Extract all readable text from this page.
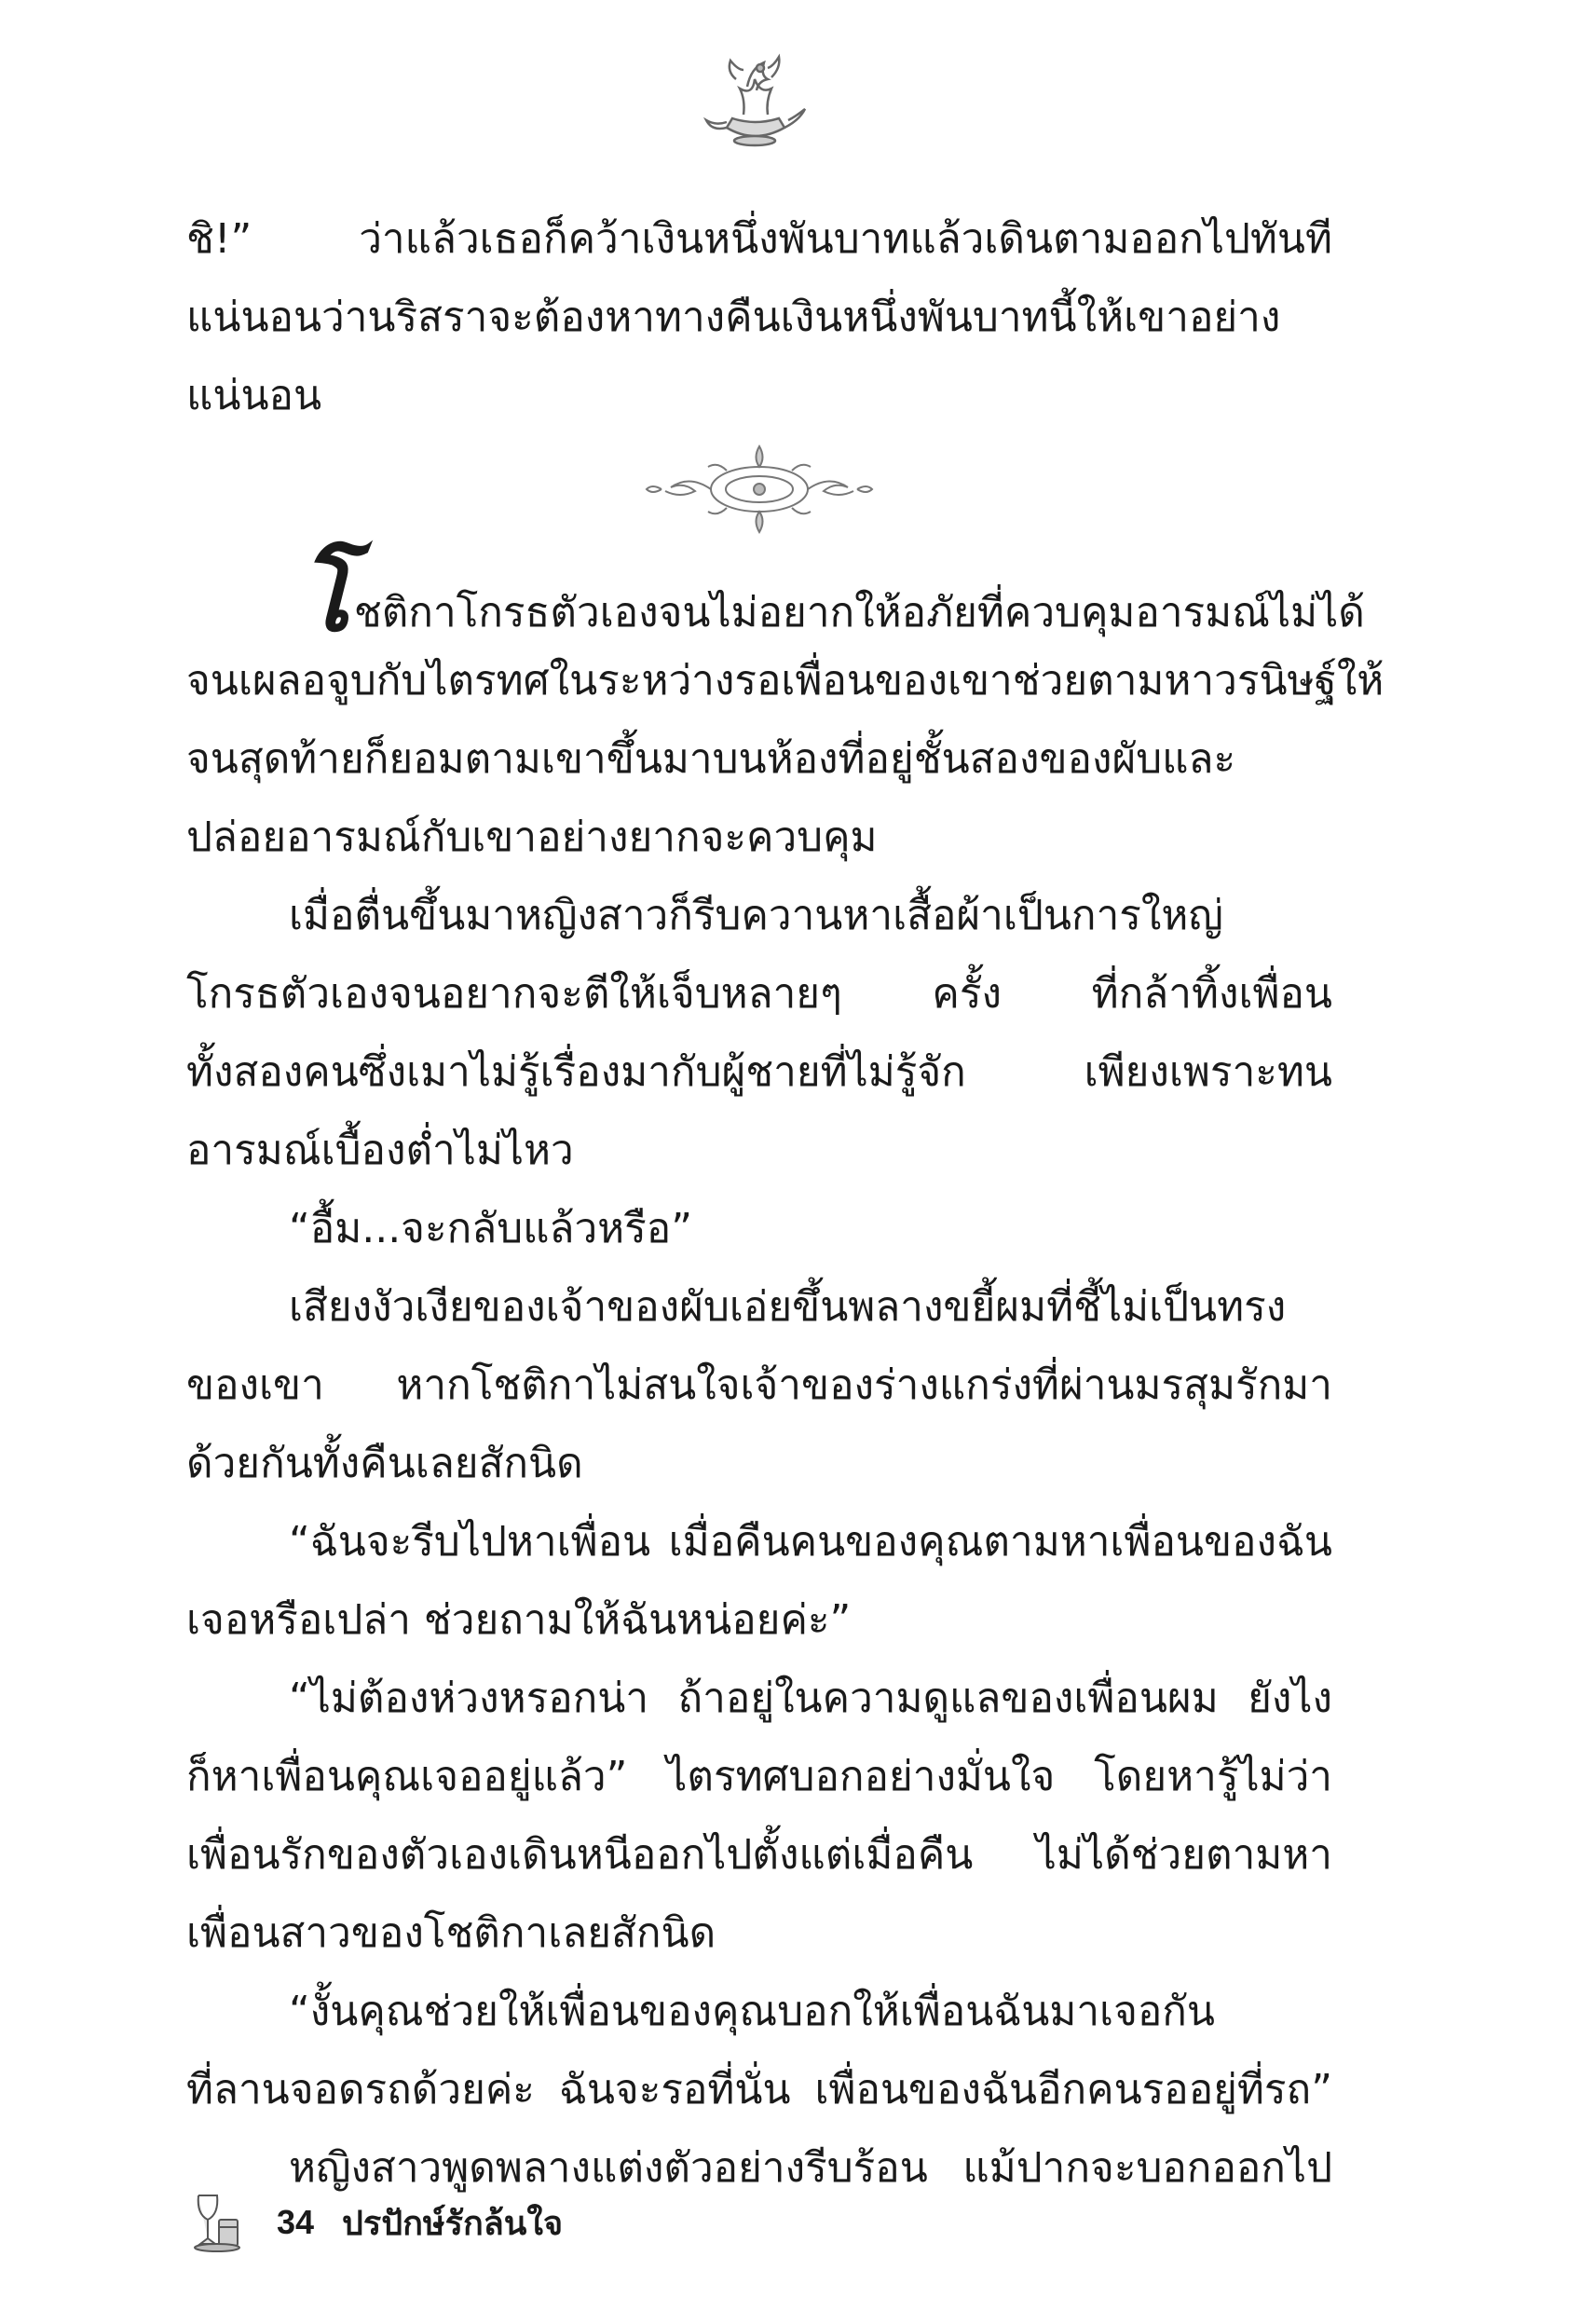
ชิ!” ว่าแล้วเธอก็คว้าเงินหนึ่งพันบาทแล้วเดินตามออกไปทันที
แน่นอนว่านริสราจะต้องหาทางคืนเงินหนึ่งพันบาทนี้ให้เขาอย่าง
แน่นอน
โชติกาโกรธตัวเองจนไม่อยากให้อภัยที่ควบคุมอารมณ์ไม่ได้
จนเผลอจูบกับไตรทศในระหว่างรอเพื่อนของเขาช่วยตามหาวรนิษฐ์ให้
จนสุดท้ายก็ยอมตามเขาขึ้นมาบนห้องที่อยู่ชั้นสองของผับและ
ปล่อยอารมณ์กับเขาอย่างยากจะควบคุม
เมื่อตื่นขึ้นมาหญิงสาวก็รีบควานหาเสื้อผ้าเป็นการใหญ่
โกรธตัวเองจนอยากจะตีให้เจ็บหลายๆ ครั้ง ที่กล้าทิ้งเพื่อน
ทั้งสองคนซึ่งเมาไม่รู้เรื่องมากับผู้ชายที่ไม่รู้จัก เพียงเพราะทน
อารมณ์เบื้องต่ำไม่ไหว
“อื้ม...จะกลับแล้วหรือ”
เสียงงัวเงียของเจ้าของผับเอ่ยขึ้นพลางขยี้ผมที่ชี้ไม่เป็นทรง
ของเขา หากโชติกาไม่สนใจเจ้าของร่างแกร่งที่ผ่านมรสุมรักมา
ด้วยกันทั้งคืนเลยสักนิด
“ฉันจะรีบไปหาเพื่อน เมื่อคืนคนของคุณตามหาเพื่อนของฉัน
เจอหรือเปล่า ช่วยถามให้ฉันหน่อยค่ะ”
“ไม่ต้องห่วงหรอกน่า ถ้าอยู่ในความดูแลของเพื่อนผม ยังไง
ก็หาเพื่อนคุณเจออยู่แล้ว” ไตรทศบอกอย่างมั่นใจ โดยหารู้ไม่ว่า
เพื่อนรักของตัวเองเดินหนีออกไปตั้งแต่เมื่อคืน ไม่ได้ช่วยตามหา
เพื่อนสาวของโชติกาเลยสักนิด
“งั้นคุณช่วยให้เพื่อนของคุณบอกให้เพื่อนฉันมาเจอกัน
ที่ลานจอดรถด้วยค่ะ ฉันจะรอที่นั่น เพื่อนของฉันอีกคนรออยู่ที่รถ”
หญิงสาวพูดพลางแต่งตัวอย่างรีบร้อน แม้ปากจะบอกออกไป
34 ปรปักษ์รักล้นใจ
